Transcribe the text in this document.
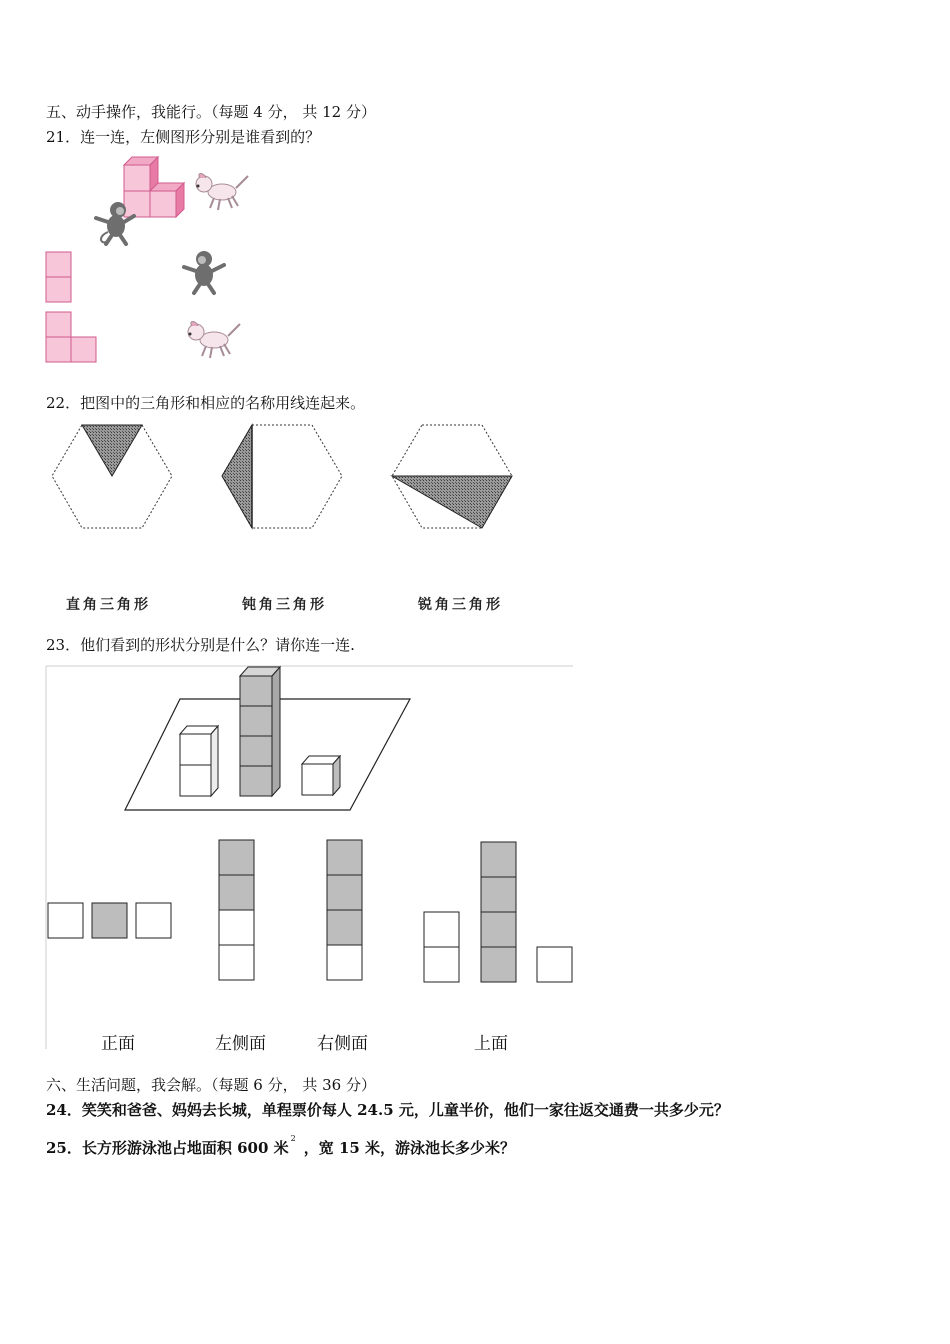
五、动手操作，我能行。（每题 4 分， 共 12 分）
21．连一连，左侧图形分别是谁看到的？
22．把图中的三角形和相应的名称用线连起来。
直角三角形	钝角三角形	锐角三角形
23．他们看到的形状分别是什么？请你连一连.
正面	左侧面	右侧面	上面
六、生活问题，我会解。（每题 6 分， 共 36 分）
24．笑笑和爸爸、妈妈去长城，单程票价每人 24.5 元，儿童半价，他们一家往返交通费一共多少元？
25．长方形游泳池占地面积 600 米$^2$，宽 15 米，游泳池长多少米？
